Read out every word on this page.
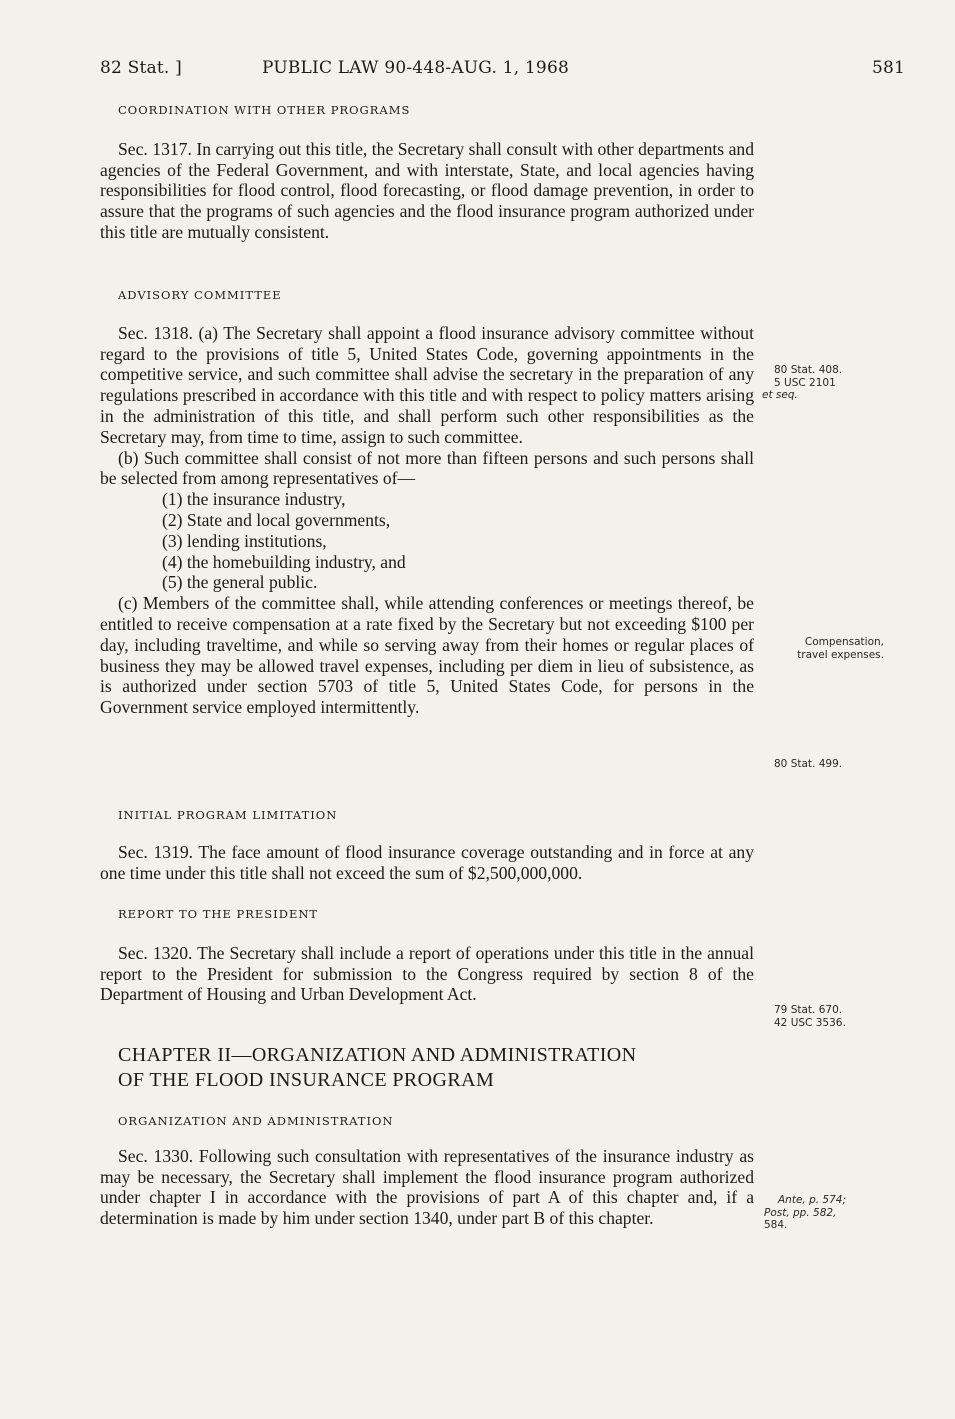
82 Stat. ]	PUBLIC LAW 90-448-AUG. 1, 1968	581

COORDINATION WITH OTHER PROGRAMS

Sec. 1317. In carrying out this title, the Secretary shall consult with other departments and agencies of the Federal Government, and with interstate, State, and local agencies having responsibilities for flood control, flood forecasting, or flood damage prevention, in order to assure that the programs of such agencies and the flood insurance program authorized under this title are mutually consistent.

ADVISORY COMMITTEE

Sec. 1318. (a) The Secretary shall appoint a flood insurance advisory committee without regard to the provisions of title 5, United States Code, governing appointments in the competitive service, and such committee shall advise the secretary in the preparation of any regulations prescribed in accordance with this title and with respect to policy matters arising in the administration of this title, and shall perform such other responsibilities as the Secretary may, from time to time, assign to such committee.

(b) Such committee shall consist of not more than fifteen persons and such persons shall be selected from among representatives of—

(1) the insurance industry,
(2) State and local governments,
(3) lending institutions,
(4) the homebuilding industry, and
(5) the general public.

(c) Members of the committee shall, while attending conferences or meetings thereof, be entitled to receive compensation at a rate fixed by the Secretary but not exceeding $100 per day, including traveltime, and while so serving away from their homes or regular places of business they may be allowed travel expenses, including per diem in lieu of subsistence, as is authorized under section 5703 of title 5, United States Code, for persons in the Government service employed intermittently.

INITIAL PROGRAM LIMITATION

Sec. 1319. The face amount of flood insurance coverage outstanding and in force at any one time under this title shall not exceed the sum of $2,500,000,000.

REPORT TO THE PRESIDENT

Sec. 1320. The Secretary shall include a report of operations under this title in the annual report to the President for submission to the Congress required by section 8 of the Department of Housing and Urban Development Act.

CHAPTER II—ORGANIZATION AND ADMINISTRATION

OF THE FLOOD INSURANCE PROGRAM

ORGANIZATION AND ADMINISTRATION

Sec. 1330. Following such consultation with representatives of the insurance industry as may be necessary, the Secretary shall implement the flood insurance program authorized under chapter I in accordance with the provisions of part A of this chapter and, if a determination is made by him under section 1340, under part B of this chapter.

80 Stat. 408.
5 USC 2101
et seq.
Compensation,
travel expenses.
80 Stat. 499.
79 Stat. 670.
42 USC 3536.
Ante, p. 574;
Post, pp. 582,
584.
